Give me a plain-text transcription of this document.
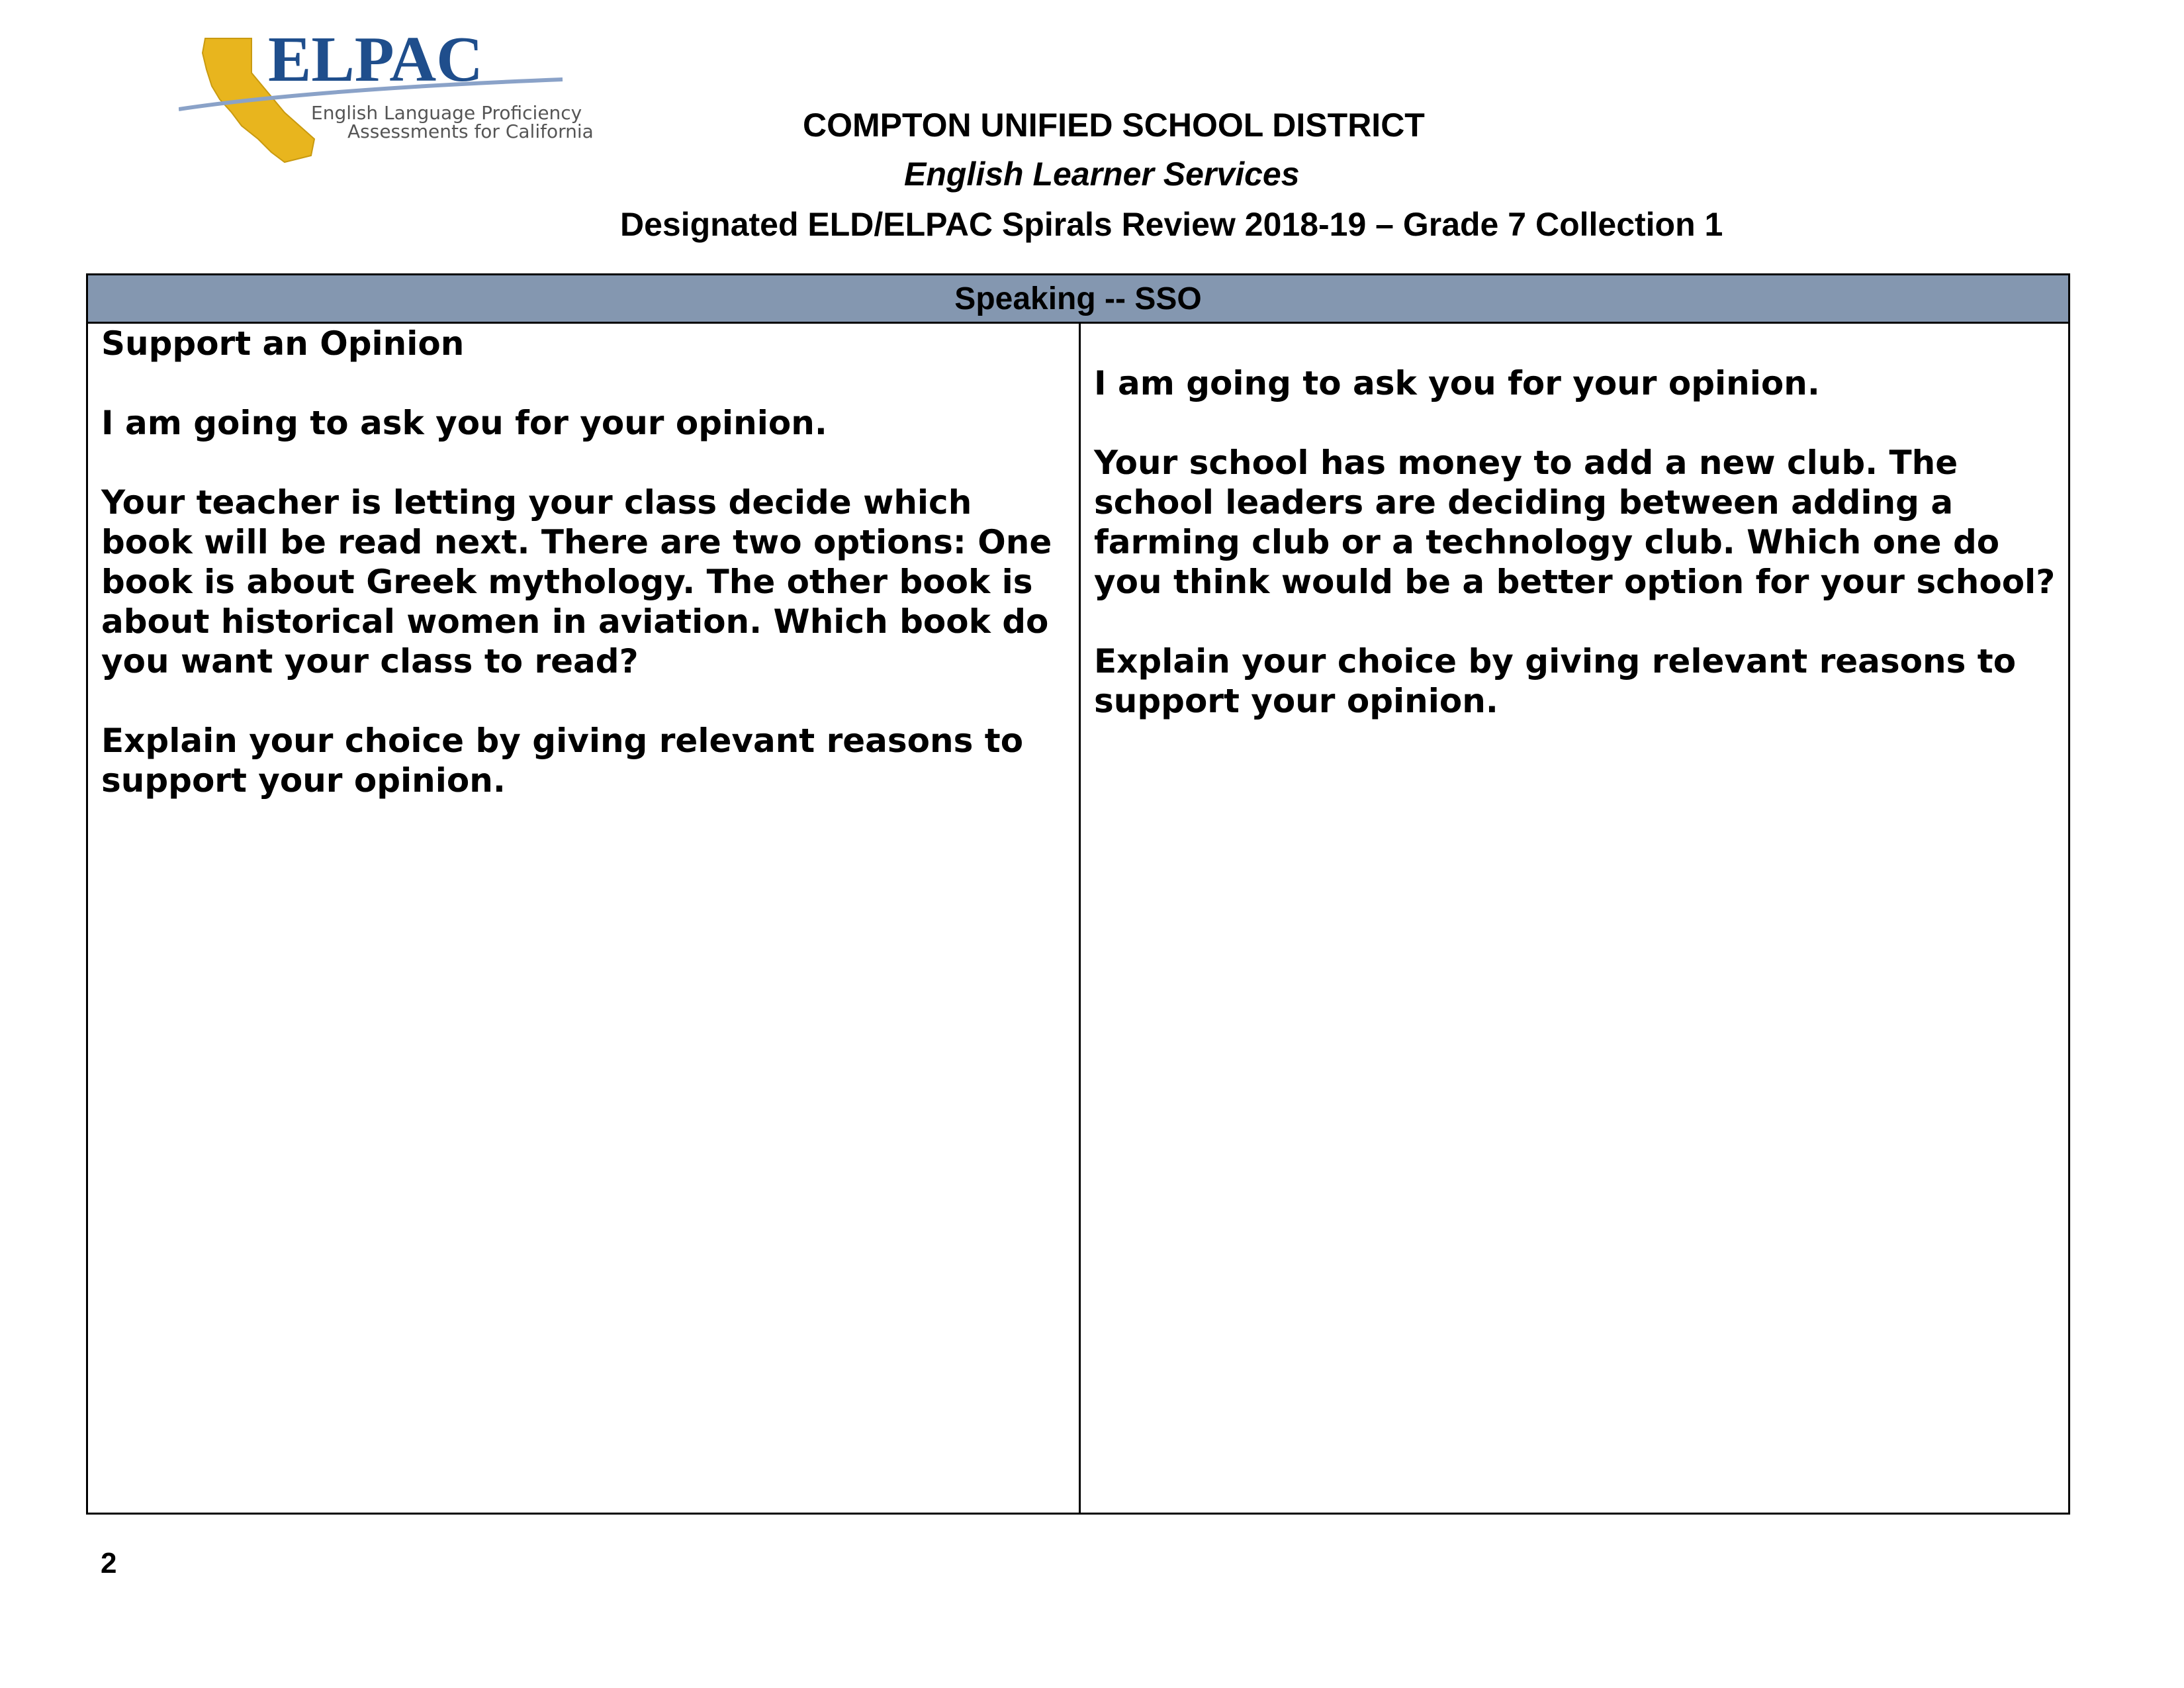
ELPAC
English Language Proficiency
Assessments for California	COMPTON UNIFIED SCHOOL DISTRICT
English Learner Services
Designated ELD/ELPAC Spirals Review 2018-19 – Grade 7 Collection 1
Speaking -- SSO

Support an Opinion

I am going to ask you for your opinion.

Your teacher is letting your class decide which book will be read next. There are two options: One book is about Greek mythology. The other book is about historical women in aviation. Which book do you want your class to read?

Explain your choice by giving relevant reasons to support your opinion.

I am going to ask you for your opinion.

Your school has money to add a new club. The school leaders are deciding between adding a farming club or a technology club. Which one do you think would be a better option for your school?

Explain your choice by giving relevant reasons to support your opinion.

2
